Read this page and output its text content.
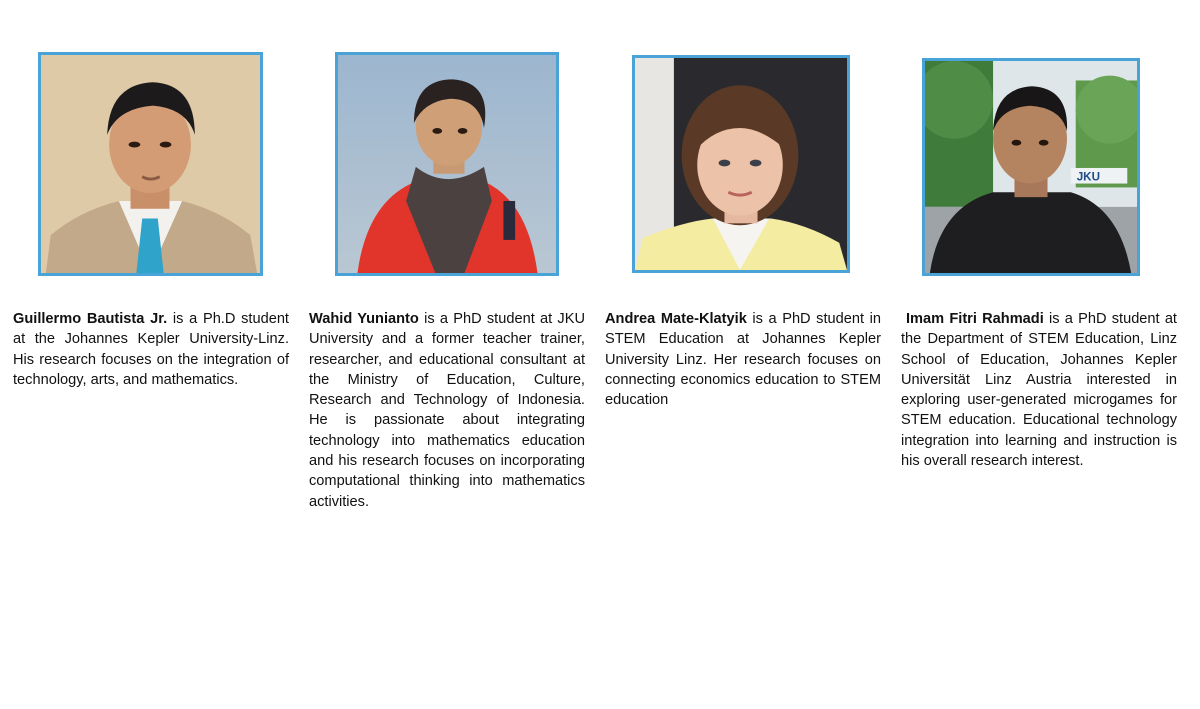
JKU

Guillermo Bautista Jr. is a Ph.D student at the Johannes Kepler University-Linz. His research focuses on the integration of technology, arts, and mathematics.

Wahid Yunianto is a PhD student at JKU University and a former teacher trainer, researcher, and educational consultant at the Ministry of Education, Culture, Research and Technology of Indonesia. He is passionate about integrating technology into mathematics education and his research focuses on incorporating computational thinking into mathematics activities.

Andrea Mate-Klatyik is a PhD student in STEM Education at Johannes Kepler University Linz. Her research focuses on connecting economics education to STEM education

Imam Fitri Rahmadi is a PhD student at the Department of STEM Education, Linz School of Education, Johannes Kepler Universität Linz Austria interested in exploring user-generated microgames for STEM education. Educational technology integration into learning and instruction is his overall research interest.
